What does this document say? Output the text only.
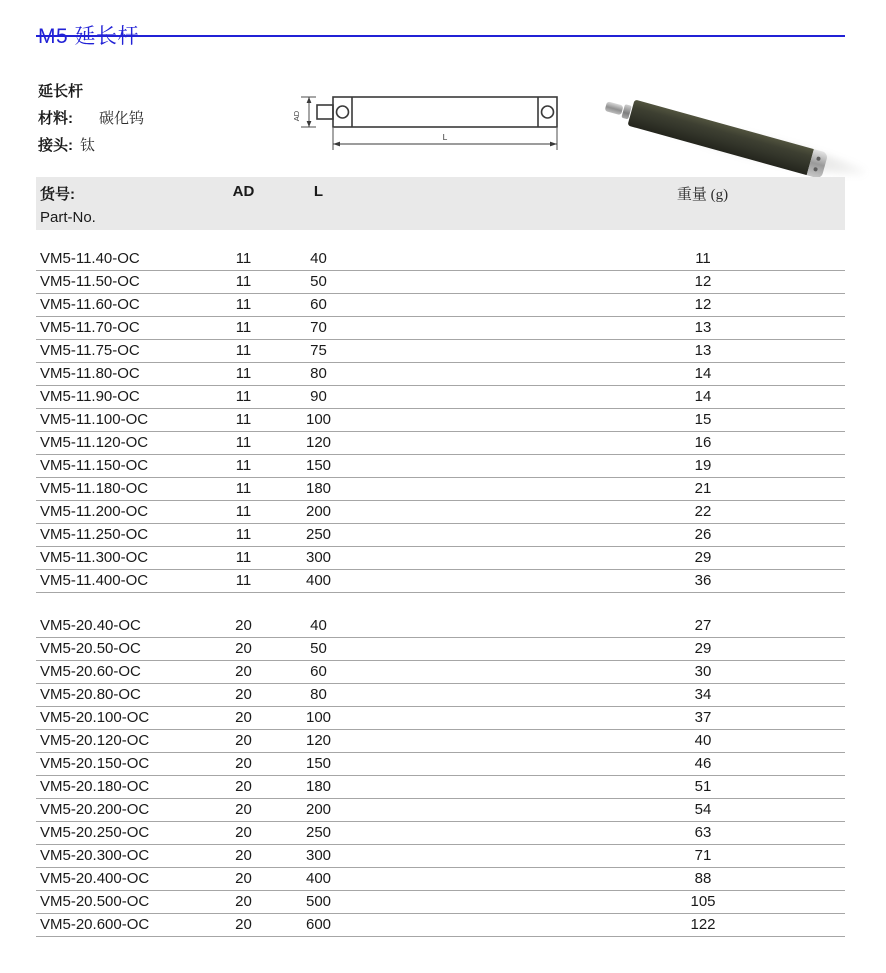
M5 延长杆
延长杆
材料: 碳化钨
接头: 钛
AD
L
货号:
Part-No.	AD	L	重量 (g)

VM5-11.40-OC	11	40	11
VM5-11.50-OC	11	50	12
VM5-11.60-OC	11	60	12
VM5-11.70-OC	11	70	13
VM5-11.75-OC	11	75	13
VM5-11.80-OC	11	80	14
VM5-11.90-OC	11	90	14
VM5-11.100-OC	11	100	15
VM5-11.120-OC	11	120	16
VM5-11.150-OC	11	150	19
VM5-11.180-OC	11	180	21
VM5-11.200-OC	11	200	22
VM5-11.250-OC	11	250	26
VM5-11.300-OC	11	300	29
VM5-11.400-OC	11	400	36

VM5-20.40-OC	20	40	27
VM5-20.50-OC	20	50	29
VM5-20.60-OC	20	60	30
VM5-20.80-OC	20	80	34
VM5-20.100-OC	20	100	37
VM5-20.120-OC	20	120	40
VM5-20.150-OC	20	150	46
VM5-20.180-OC	20	180	51
VM5-20.200-OC	20	200	54
VM5-20.250-OC	20	250	63
VM5-20.300-OC	20	300	71
VM5-20.400-OC	20	400	88
VM5-20.500-OC	20	500	105
VM5-20.600-OC	20	600	122
